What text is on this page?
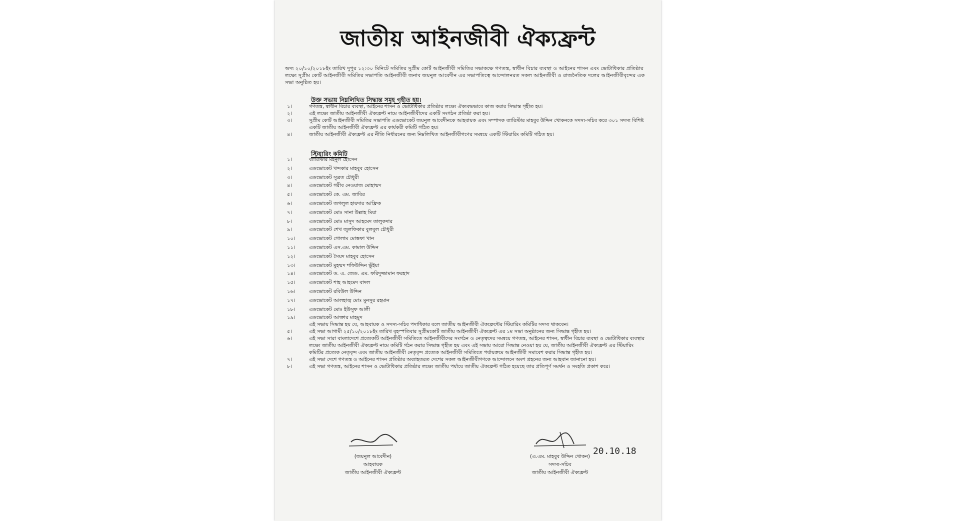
জাতীয় আইনজীবী ঐক্যফ্রন্ট
অদ্য ২০/১০/২০১৮ইং তারিখ দুপুর ১২:৩০ মিনিটে সমিতির সুপ্রীম কোর্ট আইনজীবী সমিতির সভাকক্ষে গণতন্ত্র, স্বাধীন বিচার ব্যবস্থা ও আইনের শাসন এবং ভোটাধিকার প্রতিষ্ঠার লক্ষ্যে সুপ্রীম কোর্ট আইনজীবী সমিতির সভাপতি আইনজীবী জনাব জয়নুল আবেদীন এর সভাপতিত্বে আন্দোলনরত সকল আইনজীবী ও রাজনৈতিক দলের আইনজীবীবৃন্দের এক সভা অনুষ্ঠিত হয়।
উক্ত সভায় নিম্নলিখিত সিদ্ধান্ত সমূহ গৃহীত হয়।
১।	গণতন্ত্র, স্বাধীন বিচার ব্যবস্থা, আইনের শাসন ও ভোটাধিকার প্রতিষ্ঠার লক্ষ্যে ঐক্যবদ্ধভাবে কাজ করার সিদ্ধান্ত গৃহীত হয়।
২।	এই লক্ষ্যে জাতীয় আইনজীবী ঐক্যফ্রন্ট নামে আইনজীবীদের একটি সংগঠন প্রতিষ্ঠা করা হয়।
৩।	সুপ্রীম কোর্ট আইনজীবী সমিতির সভাপতি এডভোকেট জয়নুল আবেদীনকে আহবায়ক এবং সম্পাদক ব্যারিস্টার মাহবুব উদ্দিন খোকনকে সদস্য-সচিব করে ৩০১ সদস্য বিশিষ্ট একটি জাতীয় আইনজীবী ঐক্যফ্রন্ট এর কার্যকরী কমিটি গঠিত হয়।
৪।	জাতীয় আইনজীবী ঐক্যফ্রন্ট এর নীতি নির্ধারনের জন্য নিম্নলিখিত আইনজীবীগণের সমন্বয়ে একটি স্টিয়ারিং কমিটি গঠিত হয়।
স্টিয়ারিং কমিটি
১।	ব্যারিস্টার মইনুল হোসেন
২।	এডভোকেট খন্দকার মাহবুব হোসেন
৩।	এডভোকেট সুব্রত চৌধুরী
৪।	এডভোকেট গরীব নেওয়াজ মোহাম্মদ
৫।	এডভোকেট কে. এম. জাবির
৬।	এডভোকেট জগলুল হায়দার আফ্রিক
৭।	এডভোকেট মোঃ সানা উল্লাহ মিয়া
৮।	এডভোকেট মোঃ মাসুদ আহমেদ তালুকদার
৯।	এডভোকেট শেখ জুলফিকার বুলবুল চৌধুরী
১০।	এডভোকেট গোলাম মোস্তফা খান
১১।	এডভোকেট এস.এম. কামাল উদ্দিন
১২।	এডভোকেট সৈয়দ মাহবুব হোসেন
১৩।	এডভোকেট মুহম্মদ শফিউদ্দিন ভুঁইয়া
১৪।	এডভোকেট ড. এ. জেড. এম. ফরিদুজ্জামান ফরহাদ
১৫।	এডভোকেট শাহ আহমেদ বাদল
১৬।	এডভোকেট রবিউল উদ্দিন
১৭।	এডভোকেট আলহাজ্ব মোঃ মুনসুর রহমান
১৮।	এডভোকেট মোঃ ইউসুফ আলী
১৯।	এডভোকেট আক্তার মাহমুদ
এই সভায় সিদ্ধান্ত হয় যে, আহবায়ক ও সদস্য-সচিব পদাধিকার বলে জাতীয় আইনজীবী ঐক্যফ্রন্টের স্টিয়ারিং কমিটির সদস্য থাকবেন।
৫।	এই সভা আগামী ২৫/১০/২০১৮ইং তারিখ বৃহস্পতিবার সুপ্রীমকোর্ট জাতীয় আইনজীবী ঐক্যফ্রন্ট এর ১ম সভা অনুষ্ঠানের জন্য সিদ্ধান্ত গৃহীত হয়।
৬।	এই সভা সারা বাংলাদেশে প্রত্যেকটি আইনজীবী সমিতিতে আইনজীবীদের সংগঠন ও নেতৃত্বদের সমন্বয়ে গণতন্ত্র, আইনের শাসন, স্বাধীন বিচার ব্যবস্থা ও ভোটাধিকার ব্যবস্থার লক্ষ্যে জাতীয় আইনজীবী ঐক্যফ্রন্ট নামে কমিটি গঠন করার সিদ্ধান্ত গৃহীত হয় এবং এই সভায় আরো সিদ্ধান্ত নেওয়া হয় যে, জাতীয় আইনজীবী ঐক্যফ্রন্ট এর স্টিয়ারিং কমিটির প্রত্যেক নেতৃবৃন্দ এবং জাতীয় আইনজীবী নেতৃবৃন্দ প্রত্যেক আইনজীবী সমিতিতে পর্যায়ক্রমে আইনজীবী সমাবেশ করার সিদ্ধান্ত গৃহীত হয়।
৭।	এই সভা দেশে গণতন্ত্র ও আইনের শাসন প্রতিষ্ঠার অব্যাহতরত দেশের সকল আইনজীবীগণকে আন্দোলনে অংশ গ্রহনের জন্য আহবান জানানো হয়।
৮।	এই সভা গণতন্ত্র, আইনের শাসন ও ভোটাধিকার প্রতিষ্ঠার লক্ষ্যে জাতীয় পর্যায়ে জাতীয় ঐক্যফ্রন্ট গঠিত হয়েছে তার প্রতিপূর্ণ সমর্থন ও সংহতি প্রকাশ করে।
(জয়নুল আবেদীন)
আহবায়ক
জাতীয় আইনজীবী ঐক্যফ্রন্ট
(এ.এম. মাহবুব উদ্দিন খোকন)
সদস্য-সচিব
জাতীয় আইনজীবী ঐক্যফ্রন্ট
20.10.18
